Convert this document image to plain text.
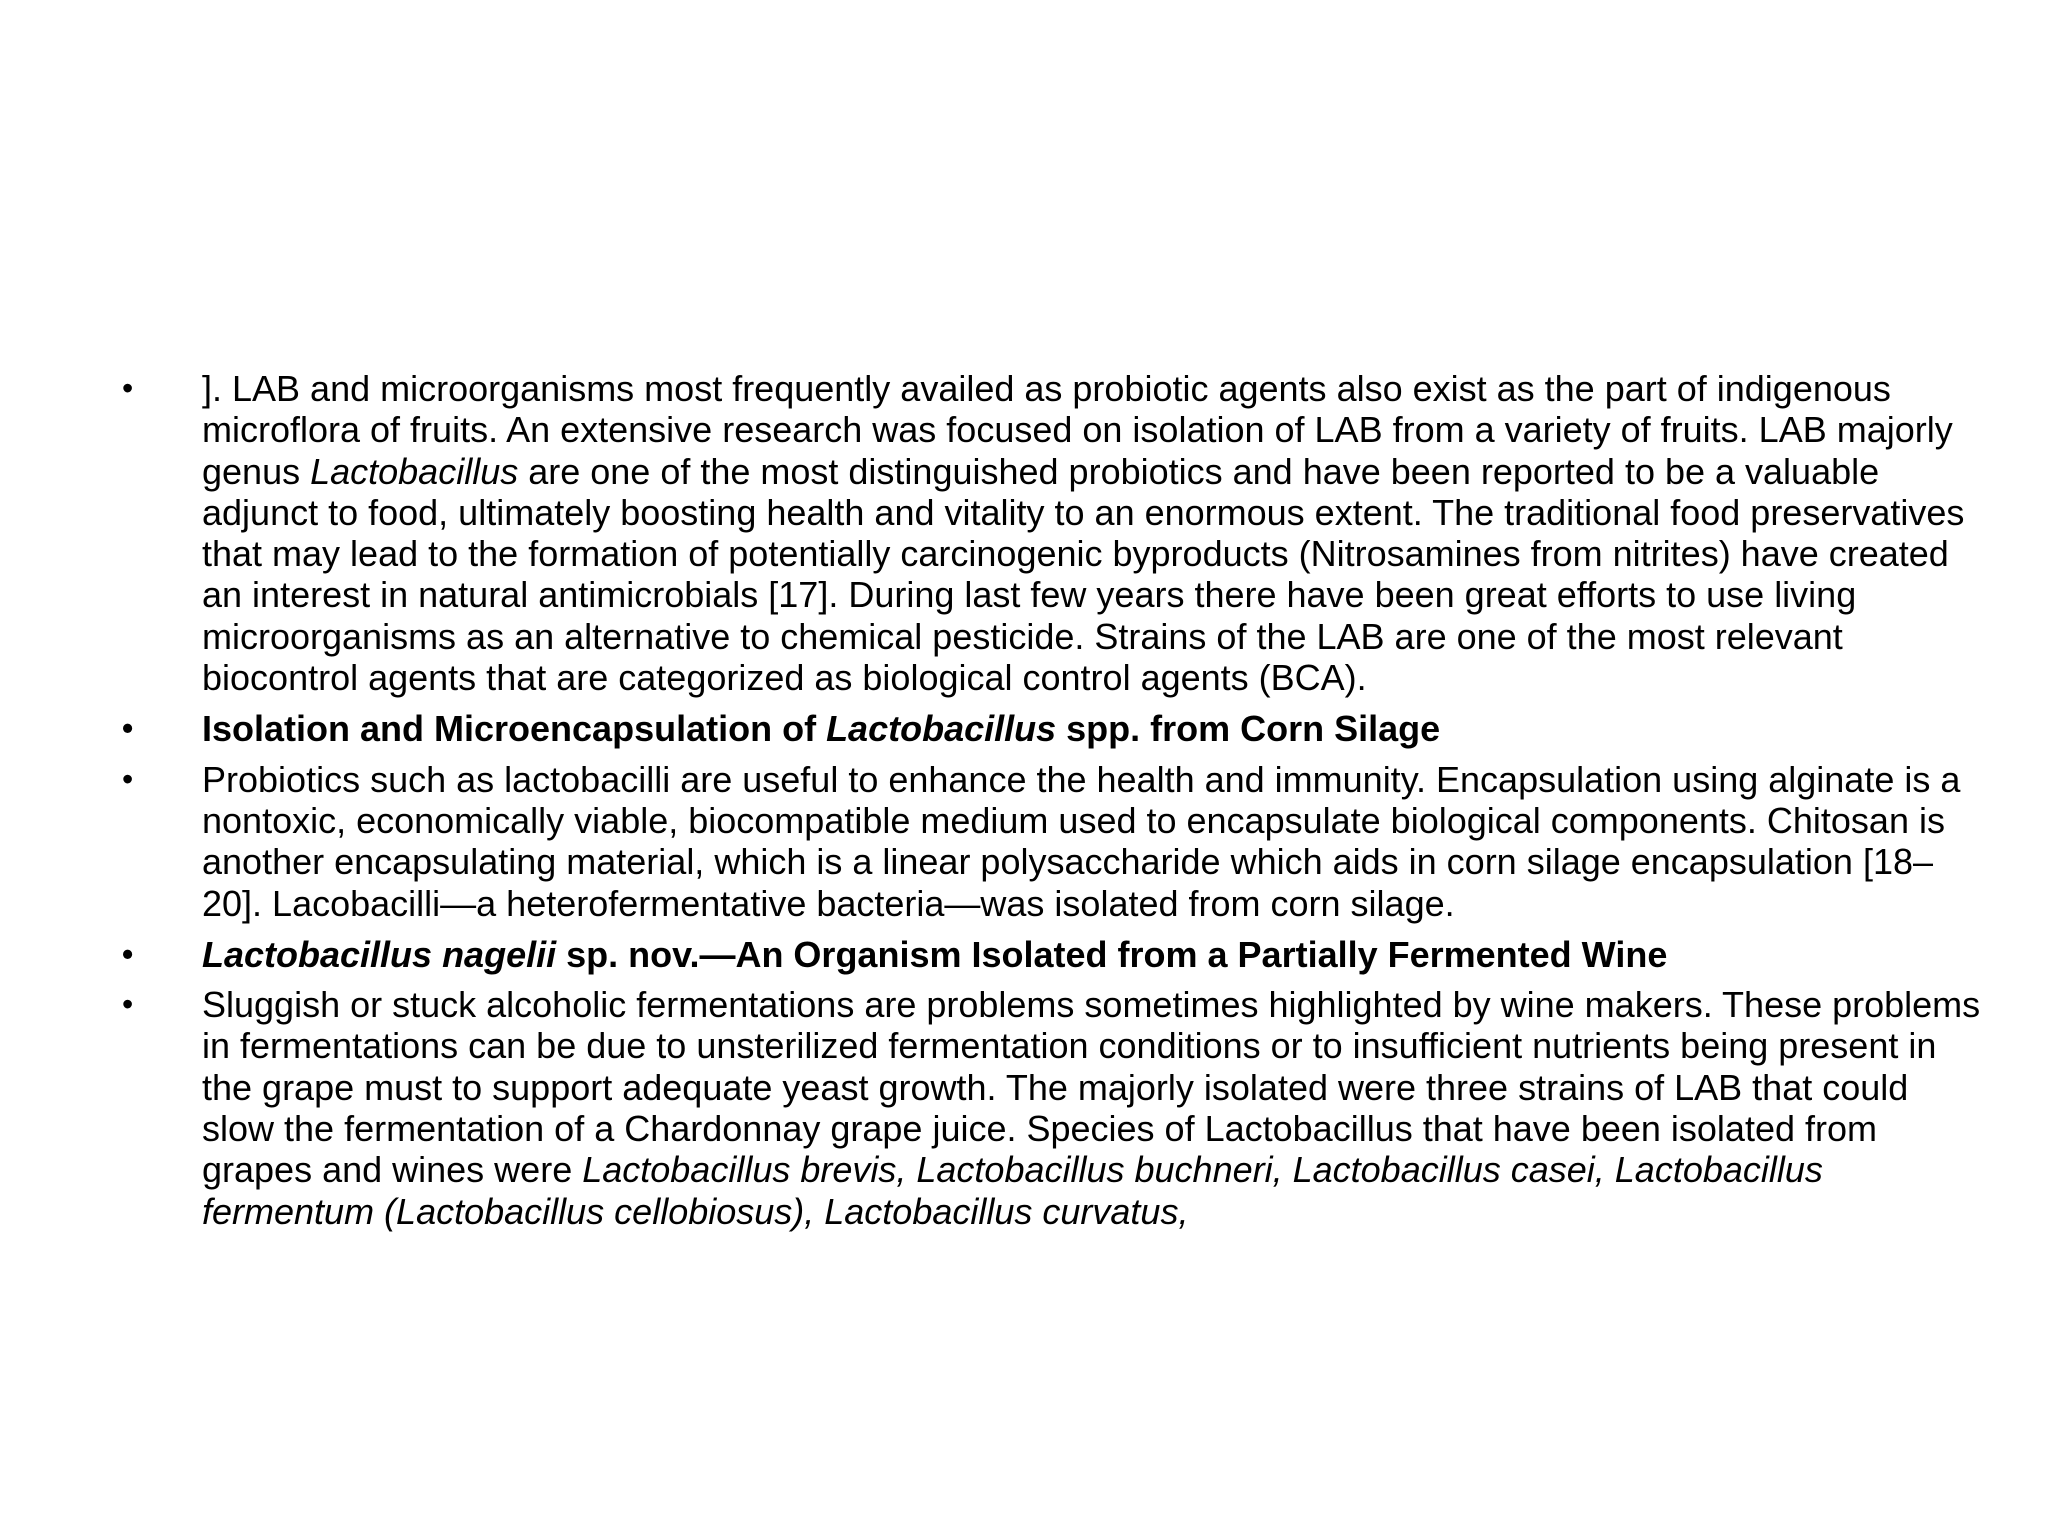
•	]. LAB and microorganisms most frequently availed as probiotic agents also exist as the part of indigenous microflora of fruits. An extensive research was focused on isolation of LAB from a variety of fruits. LAB majorly genus Lactobacillus are one of the most distinguished probiotics and have been reported to be a valuable adjunct to food, ultimately boosting health and vitality to an enormous extent. The traditional food preservatives that may lead to the formation of potentially carcinogenic byproducts (Nitrosamines from nitrites) have created an interest in natural antimicrobials [17]. During last few years there have been great efforts to use living microorganisms as an alternative to chemical pesticide. Strains of the LAB are one of the most relevant biocontrol agents that are categorized as biological control agents (BCA).
•	Isolation and Microencapsulation of Lactobacillus spp. from Corn Silage
•	Probiotics such as lactobacilli are useful to enhance the health and immunity. Encapsulation using alginate is a nontoxic, economically viable, biocompatible medium used to encapsulate biological components. Chitosan is another encapsulating material, which is a linear polysaccharide which aids in corn silage encapsulation [18–20]. Lacobacilli—a heterofermentative bacteria—was isolated from corn silage.
•	Lactobacillus nagelii sp. nov.—An Organism Isolated from a Partially Fermented Wine
•	Sluggish or stuck alcoholic fermentations are problems sometimes highlighted by wine makers. These problems in fermentations can be due to unsterilized fermentation conditions or to insufficient nutrients being present in the grape must to support adequate yeast growth. The majorly isolated were three strains of LAB that could slow the fermentation of a Chardonnay grape juice. Species of Lactobacillus that have been isolated from grapes and wines were Lactobacillus brevis, Lactobacillus buchneri, Lactobacillus casei, Lactobacillus fermentum (Lactobacillus cellobiosus), Lactobacillus curvatus,
